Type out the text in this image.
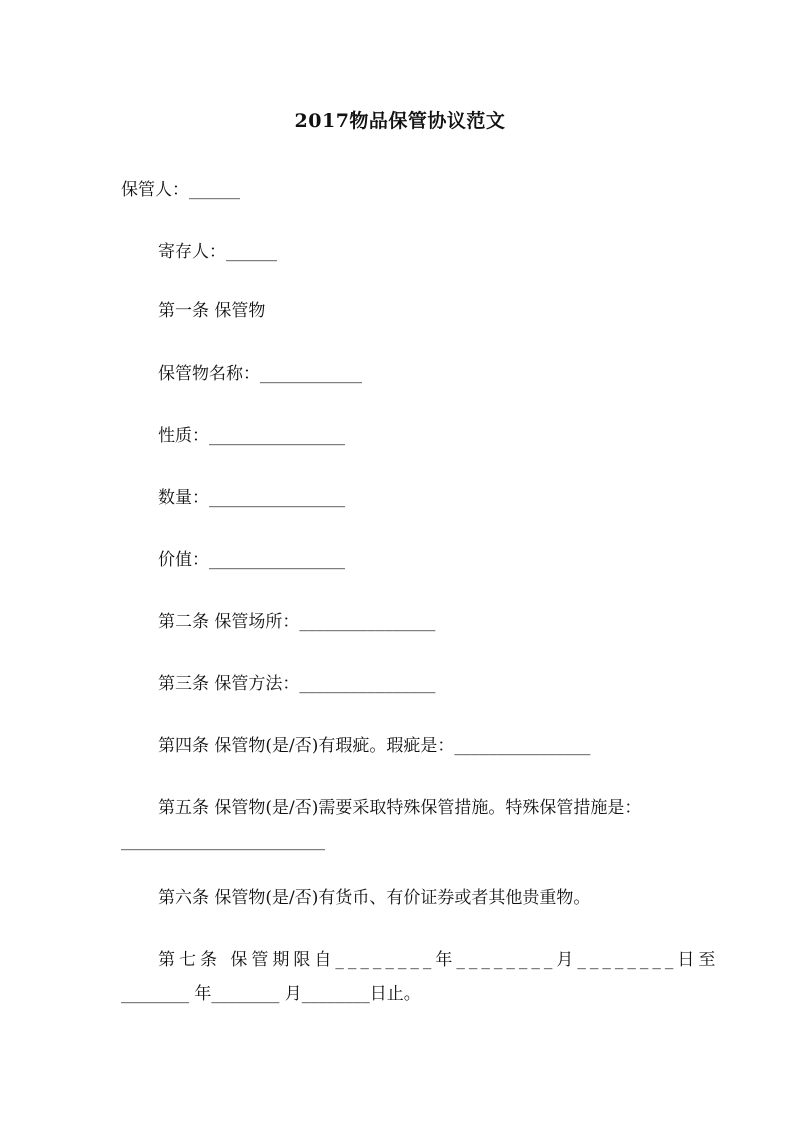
2017物品保管协议范文
保管人：______
寄存人：______
第一条 保管物
保管物名称：____________
性质：________________
数量：________________
价值：________________
第二条 保管场所：________________
第三条 保管方法：________________
第四条 保管物(是/否)有瑕疵。瑕疵是：________________
第五条 保管物(是/否)需要采取特殊保管措施。特殊保管措施是：
________________________
第六条 保管物(是/否)有货币、有价证券或者其他贵重物。
第七条 保管期限自________年________月________日至
________ 年________ 月________日止。
